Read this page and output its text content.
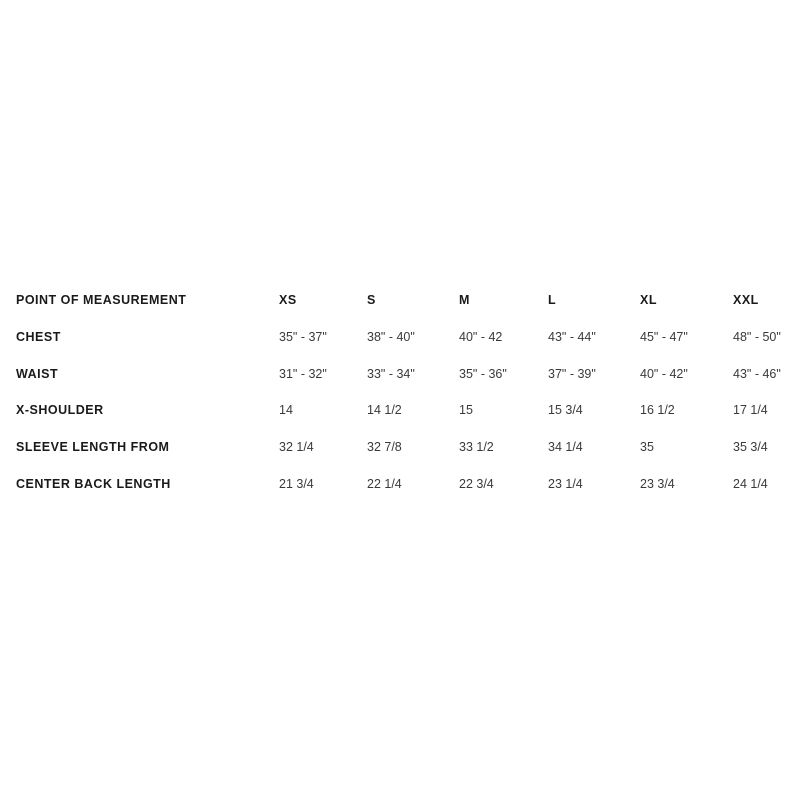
POINT OF MEASUREMENT	XS	S	M	L	XL	XXL
CHEST	35" - 37"	38" - 40"	40" - 42	43" - 44"	45" - 47"	48" - 50"
WAIST	31" - 32"	33" - 34"	35" - 36"	37" - 39"	40" - 42"	43" - 46"
X-SHOULDER	14	14 1/2	15	15 3/4	16 1/2	17 1/4
SLEEVE LENGTH FROM	32 1/4	32 7/8	33 1/2	34 1/4	35	35 3/4
CENTER BACK LENGTH	21 3/4	22 1/4	22 3/4	23 1/4	23 3/4	24 1/4
